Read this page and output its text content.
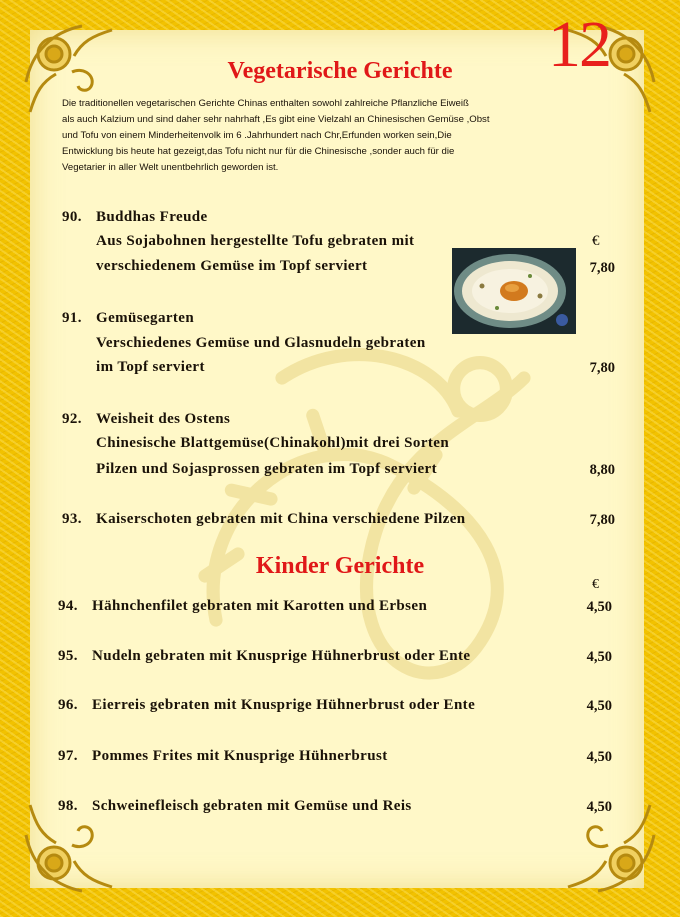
12
Vegetarische Gerichte
Die traditionellen vegetarischen Gerichte Chinas enthalten sowohl zahlreiche Pflanzliche Eiweiß
als auch Kalzium und sind daher sehr nahrhaft ,Es gibt eine Vielzahl an Chinesischen Gemüse ,Obst
und Tofu von einem Minderheitenvolk im 6 .Jahrhundert nach Chr,Erfunden worken sein,Die
Entwicklung bis heute hat gezeigt,das Tofu nicht nur für die Chinesische ,sonder auch für die
Vegetarier in aller Welt unentbehrlich geworden ist.
90. Buddhas Freude
€
Aus Sojabohnen hergestellte Tofu gebraten mit
verschiedenem Gemüse im Topf serviert	7,80
91. Gemüsegarten
Verschiedenes Gemüse und Glasnudeln gebraten
im Topf serviert	7,80
92. Weisheit des Ostens
Chinesische Blattgemüse(Chinakohl)mit drei Sorten
Pilzen und Sojasprossen gebraten im Topf serviert	8,80
93. Kaiserschoten gebraten mit China verschiedene Pilzen	7,80
Kinder Gerichte
€
94. Hähnchenfilet gebraten mit Karotten und Erbsen	4,50
95. Nudeln gebraten mit Knusprige Hühnerbrust oder Ente	4,50
96. Eierreis gebraten mit Knusprige Hühnerbrust oder Ente	4,50
97. Pommes Frites mit Knusprige Hühnerbrust	4,50
98. Schweinefleisch gebraten mit Gemüse und Reis	4,50
